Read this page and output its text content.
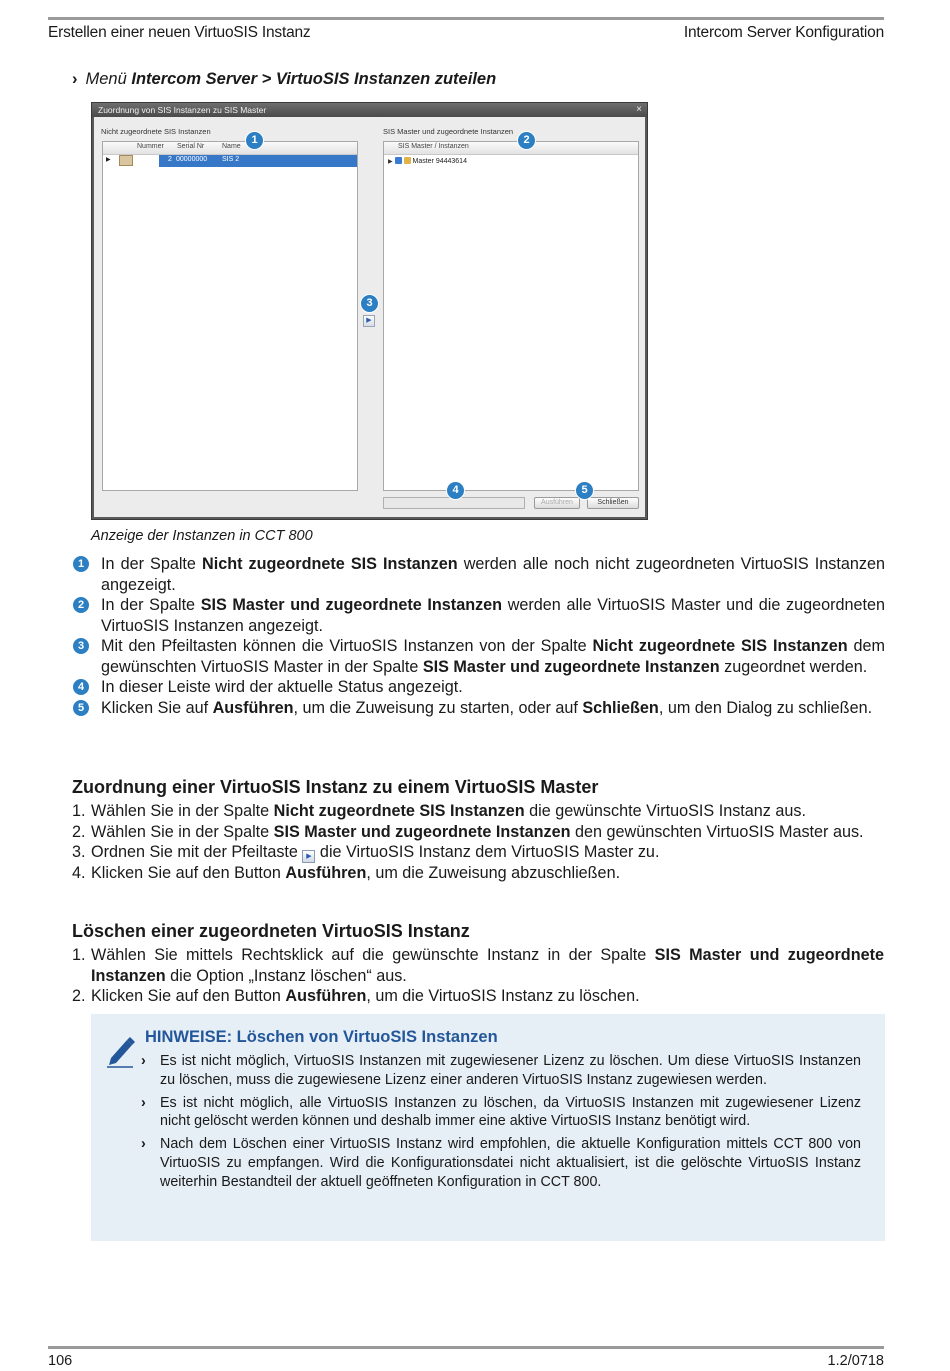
Erstellen einer neuen VirtuoSIS Instanz	Intercom Server Konfiguration
› Menü Intercom Server > VirtuoSIS Instanzen zuteilen
Zuordnung von SIS Instanzen zu SIS Master	×
Nicht zugeordnete SIS Instanzen	SIS Master und zugeordnete Instanzen
Nummer Serial Nr	Name
▶	2 00000000 SIS 2
SIS Master / Instanzen
▶	Master 94443614
▶
Ausführen	Schließen
1	2
3
4	5
Anzeige der Instanzen in CCT 800
1	In der Spalte Nicht zugeordnete SIS Instanzen werden alle noch nicht zugeordneten VirtuoSIS Instanzen angezeigt.
2	In der Spalte SIS Master und zugeordnete Instanzen werden alle VirtuoSIS Master und die zugeordneten VirtuoSIS Instanzen angezeigt.
3	Mit den Pfeiltasten können die VirtuoSIS Instanzen von der Spalte Nicht zugeordnete SIS Instanzen dem gewünschten VirtuoSIS Master in der Spalte SIS Master und zugeordnete Instanzen zugeordnet werden.
4	In dieser Leiste wird der aktuelle Status angezeigt.
5	Klicken Sie auf Ausführen, um die Zuweisung zu starten, oder auf Schließen, um den Dialog zu schließen.
Zuordnung einer VirtuoSIS Instanz zu einem VirtuoSIS Master
1. Wählen Sie in der Spalte Nicht zugeordnete SIS Instanzen die gewünschte VirtuoSIS Instanz aus.
2. Wählen Sie in der Spalte SIS Master und zugeordnete Instanzen den gewünschten VirtuoSIS Master aus.
3. Ordnen Sie mit der Pfeiltaste ▶ die VirtuoSIS Instanz dem VirtuoSIS Master zu.
4. Klicken Sie auf den Button Ausführen, um die Zuweisung abzuschließen.
Löschen einer zugeordneten VirtuoSIS Instanz
1. Wählen Sie mittels Rechtsklick auf die gewünschte Instanz in der Spalte SIS Master und zugeordnete Instanzen die Option „Instanz löschen“ aus.
2. Klicken Sie auf den Button Ausführen, um die VirtuoSIS Instanz zu löschen.
HINWEISE: Löschen von VirtuoSIS Instanzen
› Es ist nicht möglich, VirtuoSIS Instanzen mit zugewiesener Lizenz zu löschen. Um diese VirtuoSIS Instanzen zu löschen, muss die zugewiesene Lizenz einer anderen VirtuoSIS Instanz zugewiesen werden.
› Es ist nicht möglich, alle VirtuoSIS Instanzen zu löschen, da VirtuoSIS Instanzen mit zugewiesener Lizenz nicht gelöscht werden können und deshalb immer eine aktive VirtuoSIS Instanz benötigt wird.
› Nach dem Löschen einer VirtuoSIS Instanz wird empfohlen, die aktuelle Konfiguration mittels CCT 800 von VirtuoSIS zu empfangen. Wird die Konfigurationsdatei nicht aktualisiert, ist die gelöschte VirtuoSIS Instanz weiterhin Bestandteil der aktuell geöffneten Konfiguration in CCT 800.
106	1.2/0718
